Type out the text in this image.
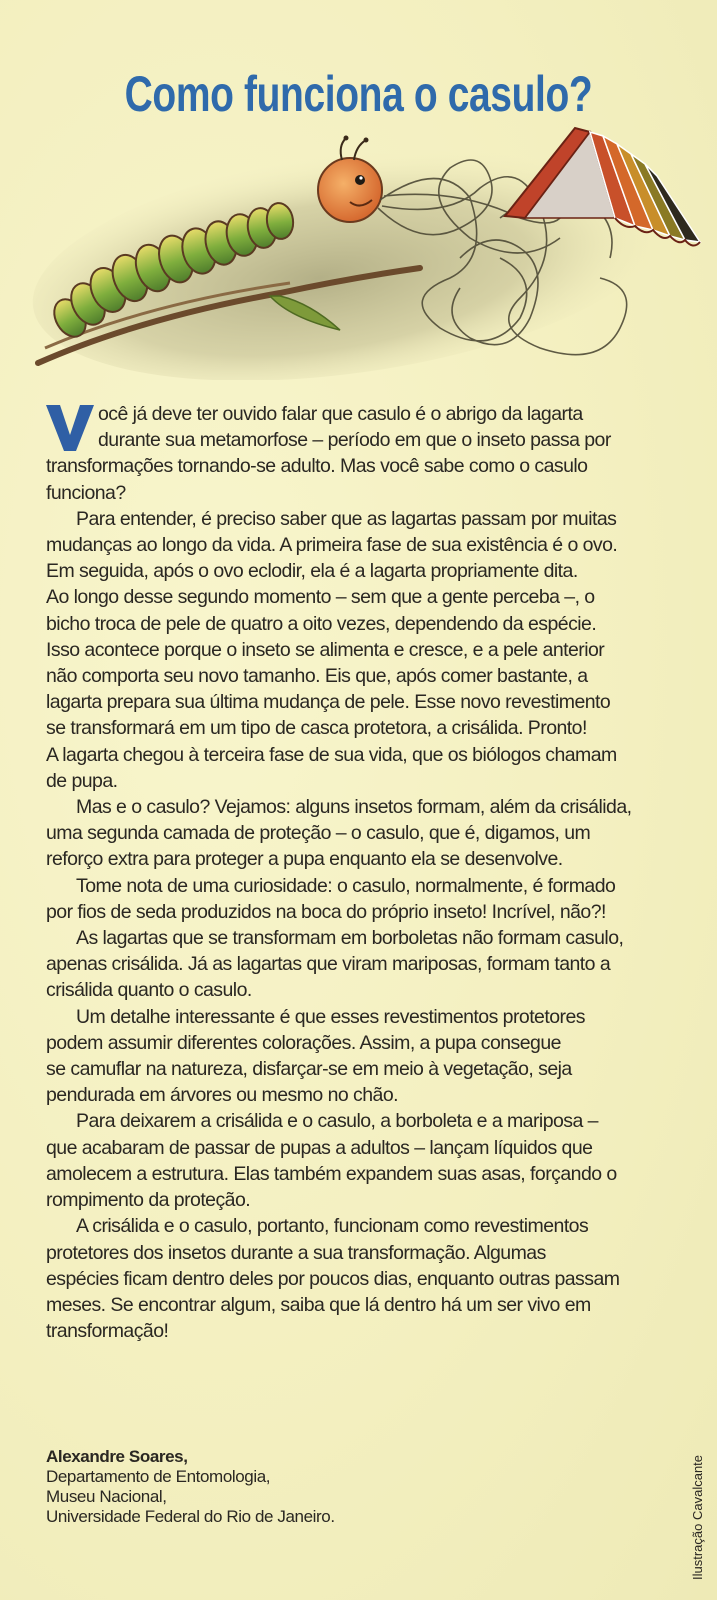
Como funciona o casulo?

ocê já deve ter ouvido falar que casulo é o abrigo da lagarta
durante sua metamorfose – período em que o inseto passa por
transformações tornando-se adulto. Mas você sabe como o casulo
funciona?

Para entender, é preciso saber que as lagartas passam por muitas
mudanças ao longo da vida. A primeira fase de sua existência é o ovo.
Em seguida, após o ovo eclodir, ela é a lagarta propriamente dita.
Ao longo desse segundo momento – sem que a gente perceba –, o
bicho troca de pele de quatro a oito vezes, dependendo da espécie.
Isso acontece porque o inseto se alimenta e cresce, e a pele anterior
não comporta seu novo tamanho. Eis que, após comer bastante, a
lagarta prepara sua última mudança de pele. Esse novo revestimento
se transformará em um tipo de casca protetora, a crisálida. Pronto!
A lagarta chegou à terceira fase de sua vida, que os biólogos chamam
de pupa.

Mas e o casulo? Vejamos: alguns insetos formam, além da crisálida,
uma segunda camada de proteção – o casulo, que é, digamos, um
reforço extra para proteger a pupa enquanto ela se desenvolve.

Tome nota de uma curiosidade: o casulo, normalmente, é formado
por fios de seda produzidos na boca do próprio inseto! Incrível, não?!

As lagartas que se transformam em borboletas não formam casulo,
apenas crisálida. Já as lagartas que viram mariposas, formam tanto a
crisálida quanto o casulo.

Um detalhe interessante é que esses revestimentos protetores
podem assumir diferentes colorações. Assim, a pupa consegue
se camuflar na natureza, disfarçar-se em meio à vegetação, seja
pendurada em árvores ou mesmo no chão.

Para deixarem a crisálida e o casulo, a borboleta e a mariposa –
que acabaram de passar de pupas a adultos – lançam líquidos que
amolecem a estrutura. Elas também expandem suas asas, forçando o
rompimento da proteção.

A crisálida e o casulo, portanto, funcionam como revestimentos
protetores dos insetos durante a sua transformação. Algumas
espécies ficam dentro deles por poucos dias, enquanto outras passam
meses. Se encontrar algum, saiba que lá dentro há um ser vivo em
transformação!

Alexandre Soares,
Departamento de Entomologia,
Museu Nacional,
Universidade Federal do Rio de Janeiro.	Ilustração Cavalcante
